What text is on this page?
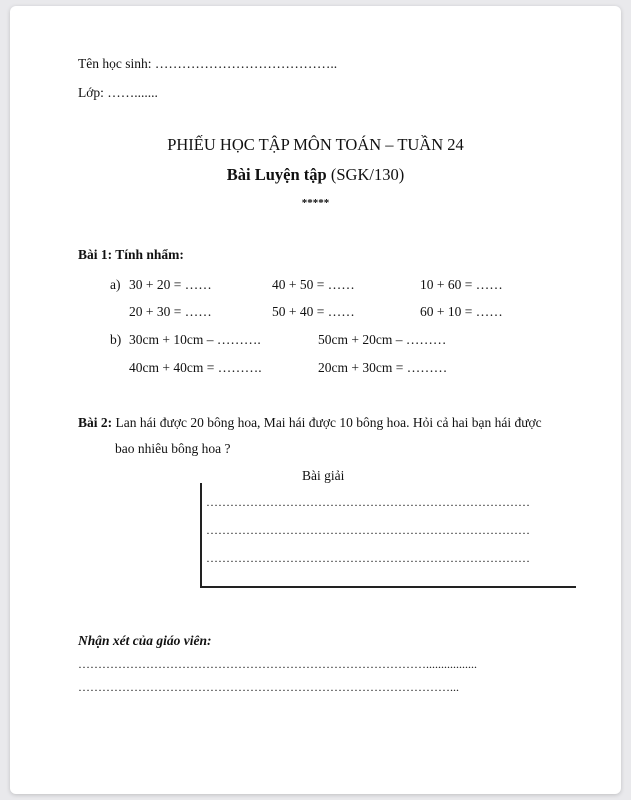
Tên học sinh: …………………………………..
Lớp: …….......
PHIẾU HỌC TẬP MÔN TOÁN – TUẦN 24
Bài Luyện tập (SGK/130)
*****
Bài 1: Tính nhẩm:
a) 30 + 20 = ……	40 + 50 = ……	10 + 60 = ……
20 + 30 = ……	50 + 40 = ……	60 + 10 = ……
b) 30cm + 10cm – ……….	50cm + 20cm – ………
40cm + 40cm = ……….	20cm + 30cm = ………
Bài 2: Lan hái được 20 bông hoa, Mai hái được 10 bông hoa. Hỏi cả hai bạn hái được
bao nhiêu bông hoa ?
Bài giải
………………………………………………………………………
………………………………………………………………………
………………………………………………………………………
Nhận xét của giáo viên:
…………………………………………………………………………….................
…………………………………………………………………………………...
